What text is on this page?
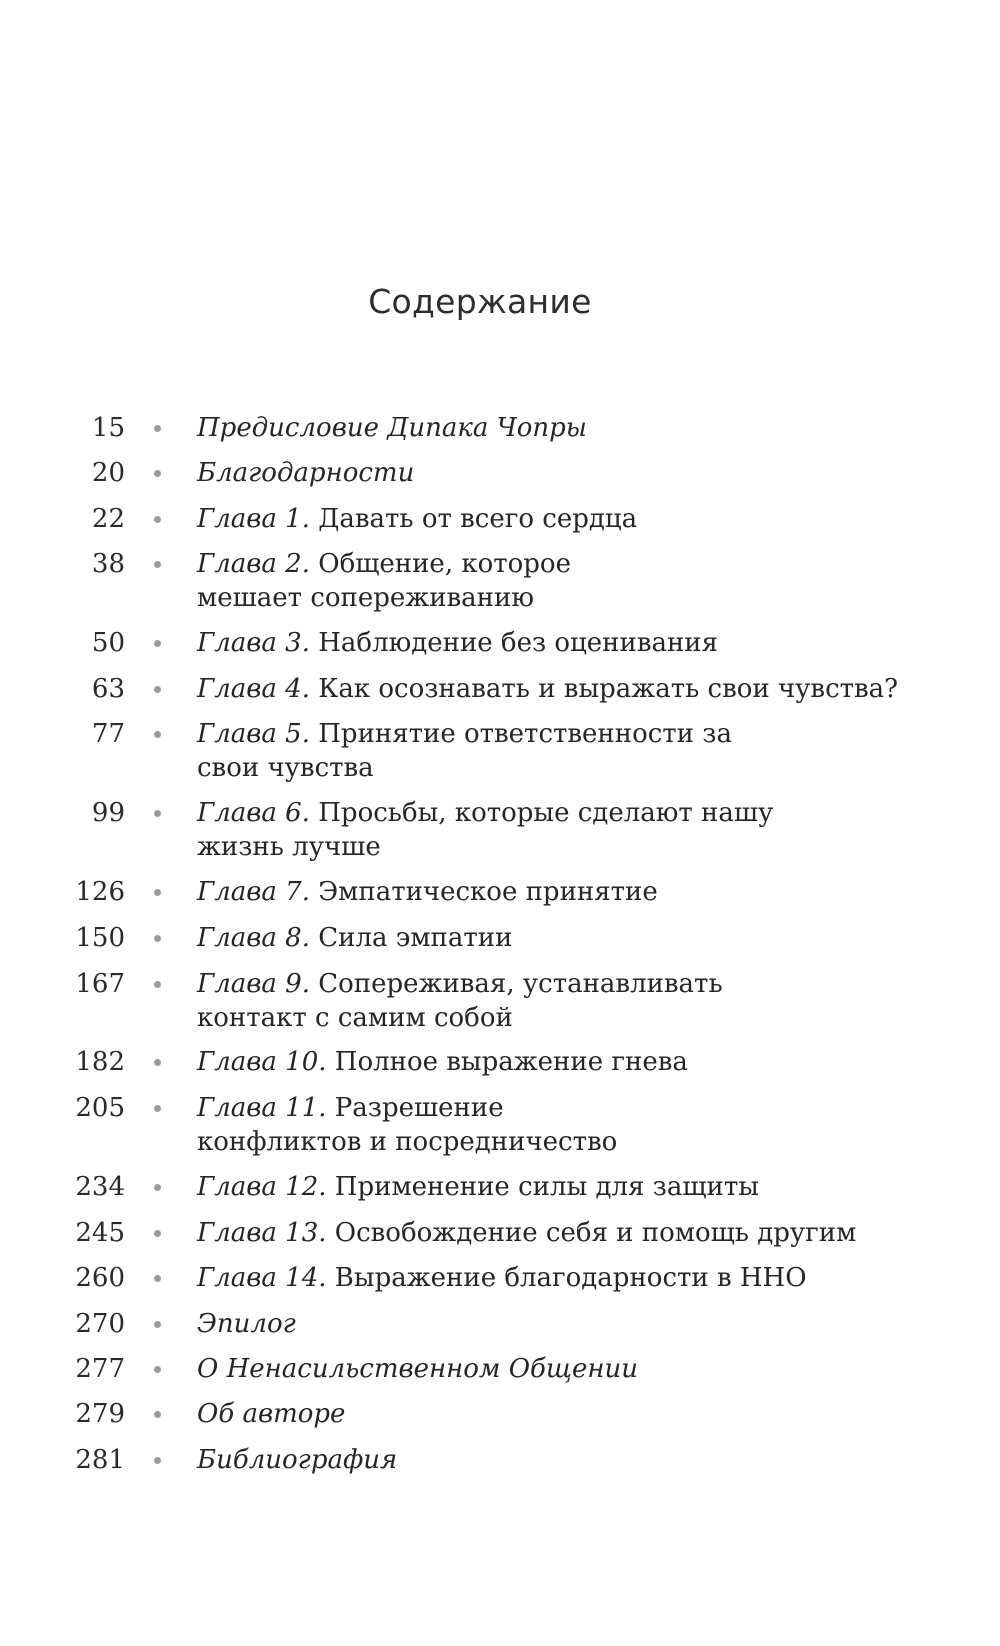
Содержание
15	Предисловие Дипака Чопры
20	Благодарности
22	Глава 1. Давать от всего сердца
38	Глава 2. Общение, которое мешает сопереживанию
50	Глава 3. Наблюдение без оценивания
63	Глава 4. Как осознавать и выражать свои чувства?
77	Глава 5. Принятие ответственности за свои чувства
99	Глава 6. Просьбы, которые сделают нашу жизнь лучше
126	Глава 7. Эмпатическое принятие
150	Глава 8. Сила эмпатии
167	Глава 9. Сопереживая, устанавливать контакт с самим собой
182	Глава 10. Полное выражение гнева
205	Глава 11. Разрешение конфликтов и посредничество
234	Глава 12. Применение силы для защиты
245	Глава 13. Освобождение себя и помощь другим
260	Глава 14. Выражение благодарности в ННО
270	Эпилог
277	О Ненасильственном Общении
279	Об авторе
281	Библиография
